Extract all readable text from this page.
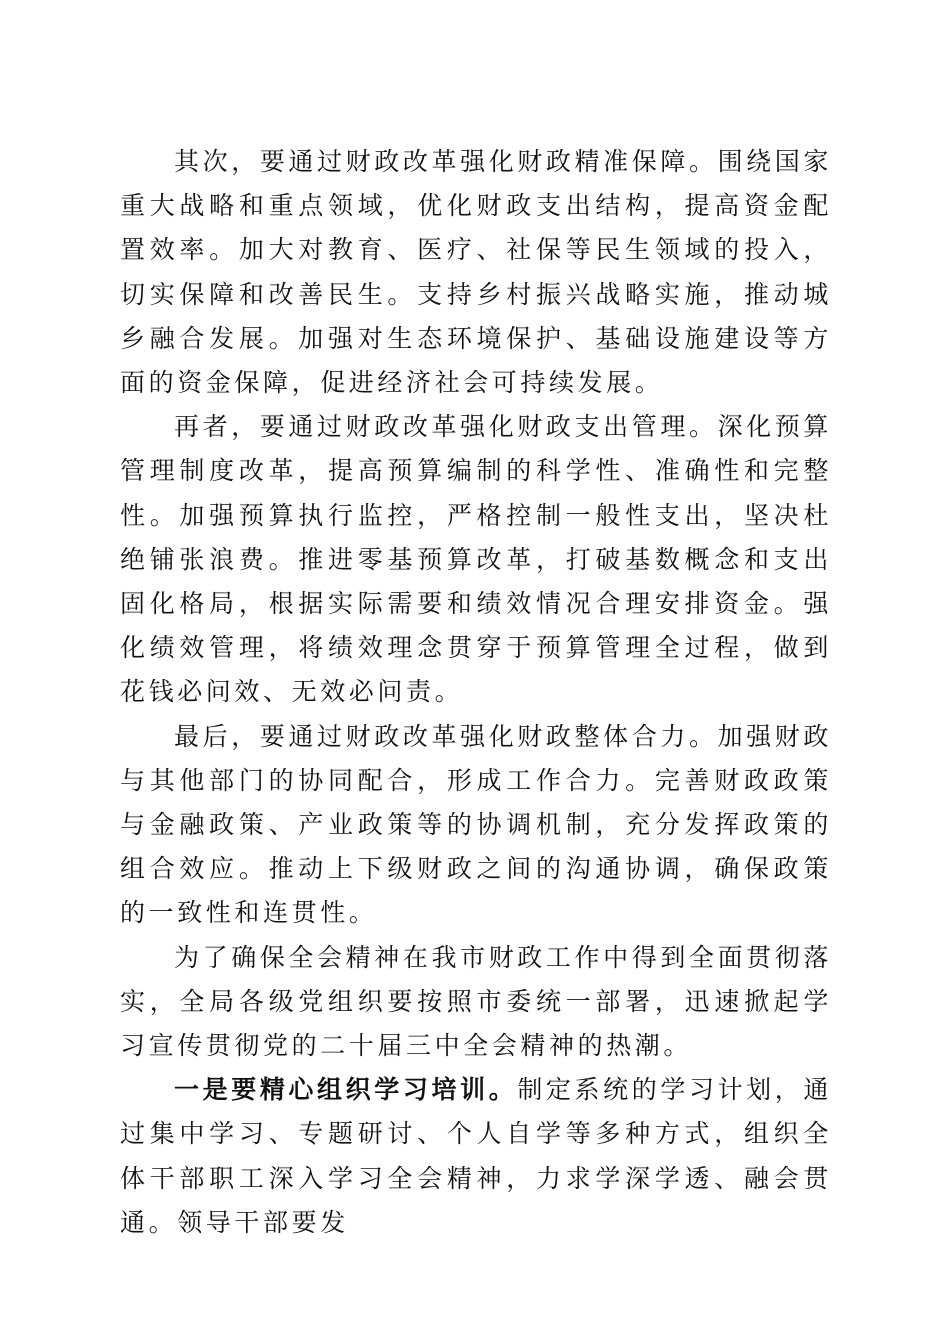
其次，要通过财政改革强化财政精准保障。围绕国家重大战略和重点领域，优化财政支出结构，提高资金配置效率。加大对教育、医疗、社保等民生领域的投入，切实保障和改善民生。支持乡村振兴战略实施，推动城乡融合发展。加强对生态环境保护、基础设施建设等方面的资金保障，促进经济社会可持续发展。

再者，要通过财政改革强化财政支出管理。深化预算管理制度改革，提高预算编制的科学性、准确性和完整性。加强预算执行监控，严格控制一般性支出，坚决杜绝铺张浪费。推进零基预算改革，打破基数概念和支出固化格局，根据实际需要和绩效情况合理安排资金。强化绩效管理，将绩效理念贯穿于预算管理全过程，做到花钱必问效、无效必问责。

最后，要通过财政改革强化财政整体合力。加强财政与其他部门的协同配合，形成工作合力。完善财政政策与金融政策、产业政策等的协调机制，充分发挥政策的组合效应。推动上下级财政之间的沟通协调，确保政策的一致性和连贯性。

为了确保全会精神在我市财政工作中得到全面贯彻落实，全局各级党组织要按照市委统一部署，迅速掀起学习宣传贯彻党的二十届三中全会精神的热潮。

一是要精心组织学习培训。制定系统的学习计划，通过集中学习、专题研讨、个人自学等多种方式，组织全体干部职工深入学习全会精神，力求学深学透、融会贯通。领导干部要发
